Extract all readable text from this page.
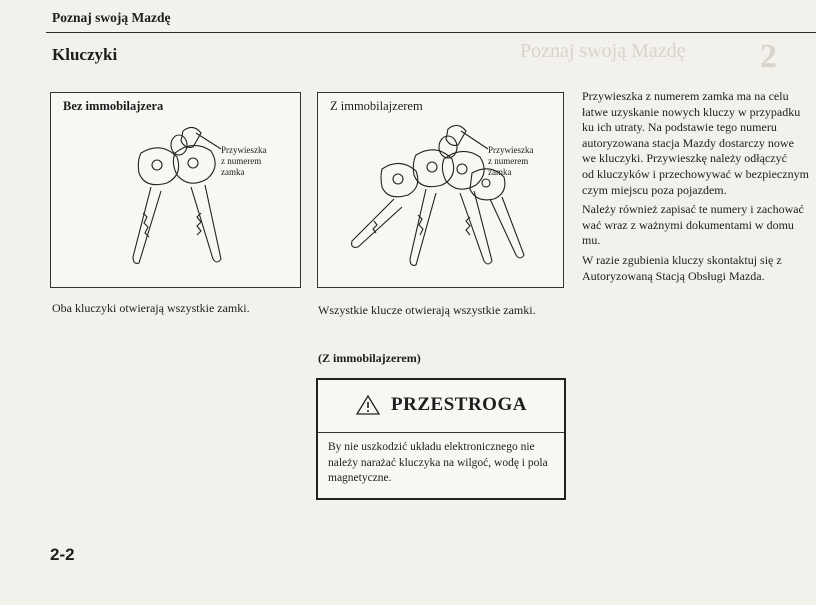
Poznaj swoją Mazdę 2
Poznaj swoją Mazdę
Kluczyki
Bez immobilajzera
Przywieszka
z numerem
zamka
Z immobilajzerem
Przywieszka
z numerem
zamka
Oba kluczyki otwierają wszystkie zamki.	Wszystkie klucze otwierają wszystkie zamki.
(Z immobilajzerem)
PRZESTROGA
By nie uszkodzić układu elektronicznego nie należy narażać kluczyka na wilgoć, wodę i pola magnetyczne.

Przywieszka z numerem zamka ma na celu
łatwe uzyskanie nowych kluczy w przypadku
ku ich utraty. Na podstawie tego numeru
autoryzowana stacja Mazdy dostarczy nowe
we kluczyki. Przywieszkę należy odłączyć
od kluczyków i przechowywać w bezpiecznym
czym miejscu poza pojazdem.

Należy również zapisać te numery i zachować
wać wraz z ważnymi dokumentami w domu
mu.

W razie zgubienia kluczy skontaktuj się z
Autoryzowaną Stacją Obsługi Mazda.

2-2
